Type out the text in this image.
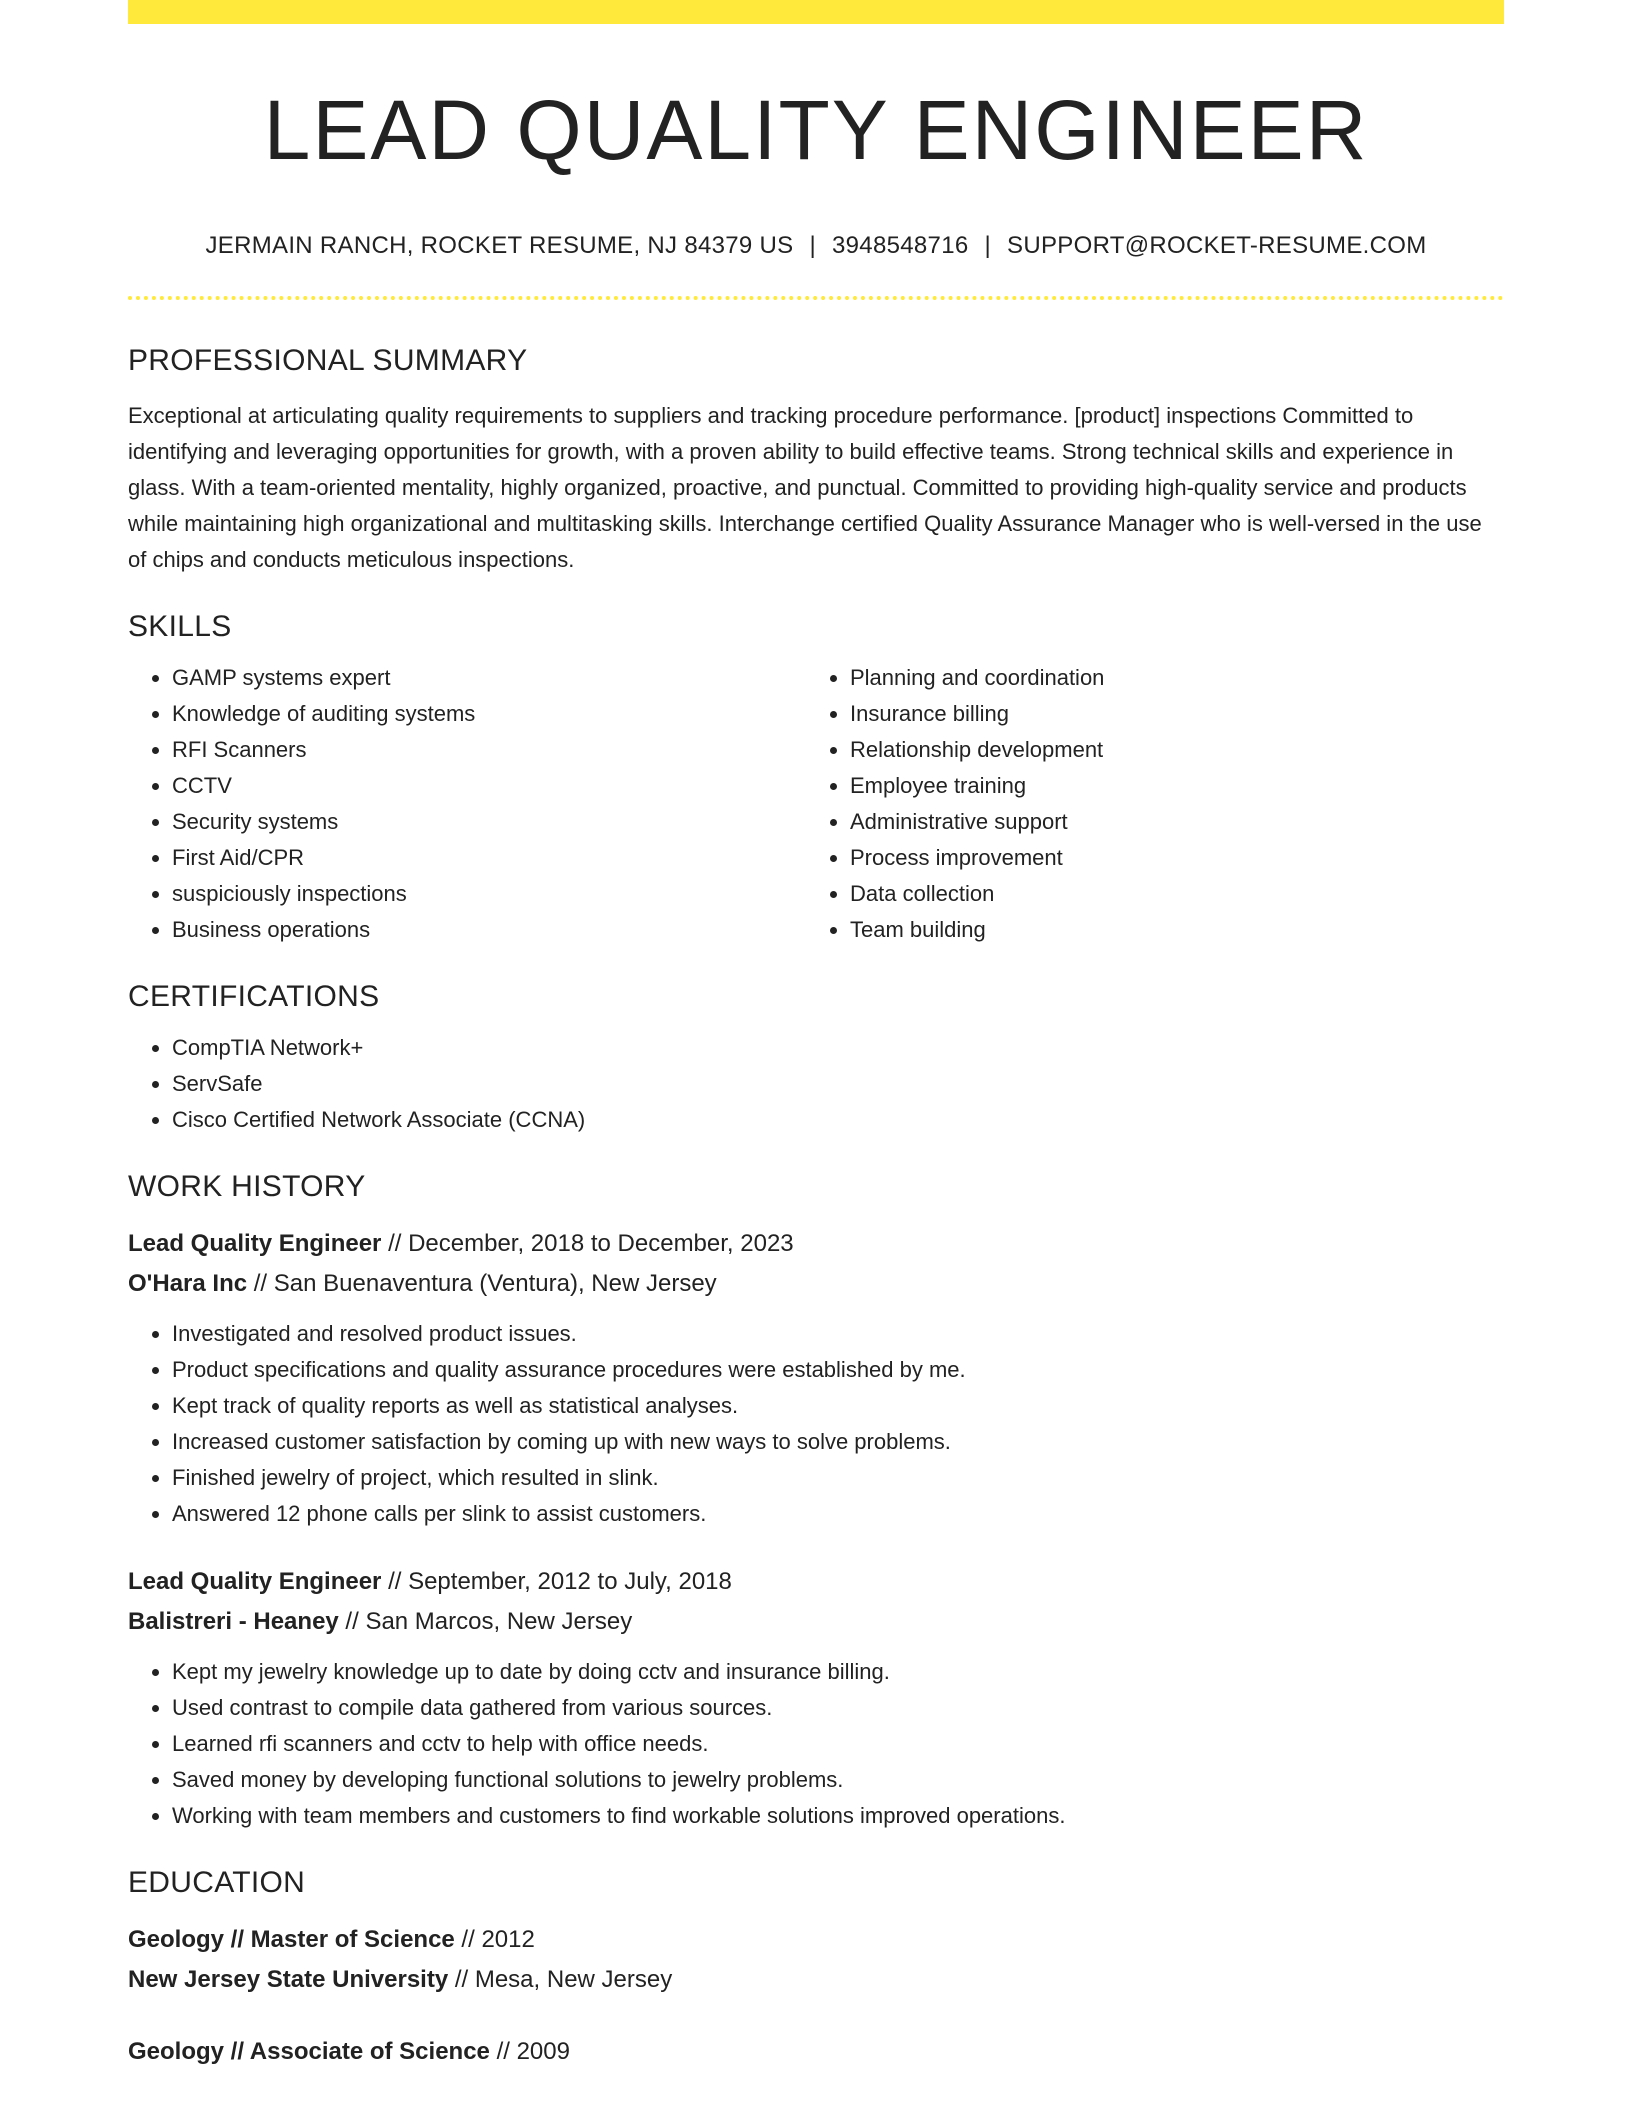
LEAD QUALITY ENGINEER
JERMAIN RANCH, ROCKET RESUME, NJ 84379 US | 3948548716 | SUPPORT@ROCKET-RESUME.COM
PROFESSIONAL SUMMARY

Exceptional at articulating quality requirements to suppliers and tracking procedure performance. [product] inspections Committed to identifying and leveraging opportunities for growth, with a proven ability to build effective teams. Strong technical skills and experience in glass. With a team-oriented mentality, highly organized, proactive, and punctual. Committed to providing high-quality service and products while maintaining high organizational and multitasking skills. Interchange certified Quality Assurance Manager who is well-versed in the use of chips and conducts meticulous inspections.

SKILLS
• GAMP systems expert
• Knowledge of auditing systems
• RFI Scanners
• CCTV
• Security systems
• First Aid/CPR
• suspiciously inspections
• Business operations
• Planning and coordination
• Insurance billing
• Relationship development
• Employee training
• Administrative support
• Process improvement
• Data collection
• Team building
CERTIFICATIONS
• CompTIA Network+
• ServSafe
• Cisco Certified Network Associate (CCNA)
WORK HISTORY
Lead Quality Engineer // December, 2018 to December, 2023
O'Hara Inc // San Buenaventura (Ventura), New Jersey
• Investigated and resolved product issues.
• Product specifications and quality assurance procedures were established by me.
• Kept track of quality reports as well as statistical analyses.
• Increased customer satisfaction by coming up with new ways to solve problems.
• Finished jewelry of project, which resulted in slink.
• Answered 12 phone calls per slink to assist customers.
Lead Quality Engineer // September, 2012 to July, 2018
Balistreri - Heaney // San Marcos, New Jersey
• Kept my jewelry knowledge up to date by doing cctv and insurance billing.
• Used contrast to compile data gathered from various sources.
• Learned rfi scanners and cctv to help with office needs.
• Saved money by developing functional solutions to jewelry problems.
• Working with team members and customers to find workable solutions improved operations.
EDUCATION
Geology // Master of Science // 2012
New Jersey State University // Mesa, New Jersey
Geology // Associate of Science // 2009
